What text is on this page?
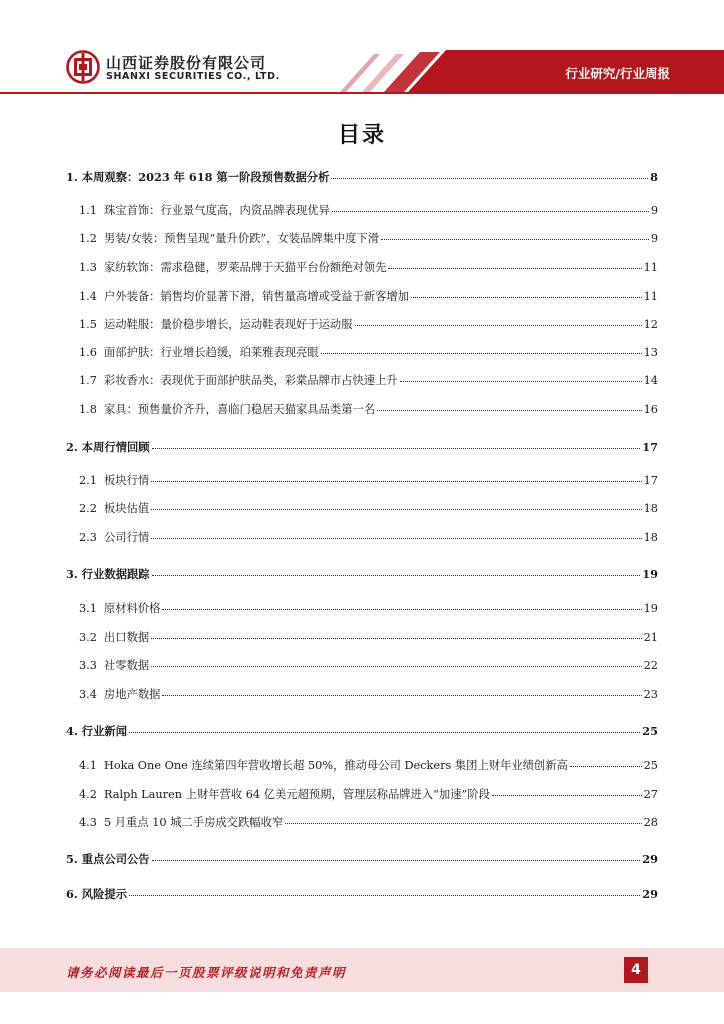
山西证券股份有限公司
SHANXI SECURITIES CO., LTD.	行业研究/行业周报
目录
1. 本周观察：2023 年 618 第一阶段预售数据分析	8
1.1 珠宝首饰：行业景气度高，内资品牌表现优异	9
1.2 男装/女装：预售呈现“量升价跌”，女装品牌集中度下滑	9
1.3 家纺软饰：需求稳健，罗莱品牌于天猫平台份额绝对领先	11
1.4 户外装备：销售均价显著下滑，销售量高增或受益于新客增加	11
1.5 运动鞋服：量价稳步增长，运动鞋表现好于运动服	12
1.6 面部护肤：行业增长趋缓，珀莱雅表现亮眼	13
1.7 彩妆香水：表现优于面部护肤品类，彩棠品牌市占快速上升	14
1.8 家具：预售量价齐升，喜临门稳居天猫家具品类第一名	16
2. 本周行情回顾	17
2.1 板块行情	17
2.2 板块估值	18
2.3 公司行情	18
3. 行业数据跟踪	19
3.1 原材料价格	19
3.2 出口数据	21
3.3 社零数据	22
3.4 房地产数据	23
4. 行业新闻	25
4.1 Hoka One One 连续第四年营收增长超 50%，推动母公司 Deckers 集团上财年业绩创新高	25
4.2 Ralph Lauren 上财年营收 64 亿美元超预期，管理层称品牌进入“加速”阶段	27
4.3 5 月重点 10 城二手房成交跌幅收窄	28
5. 重点公司公告	29
6. 风险提示	29
请务必阅读最后一页股票评级说明和免责声明	4
